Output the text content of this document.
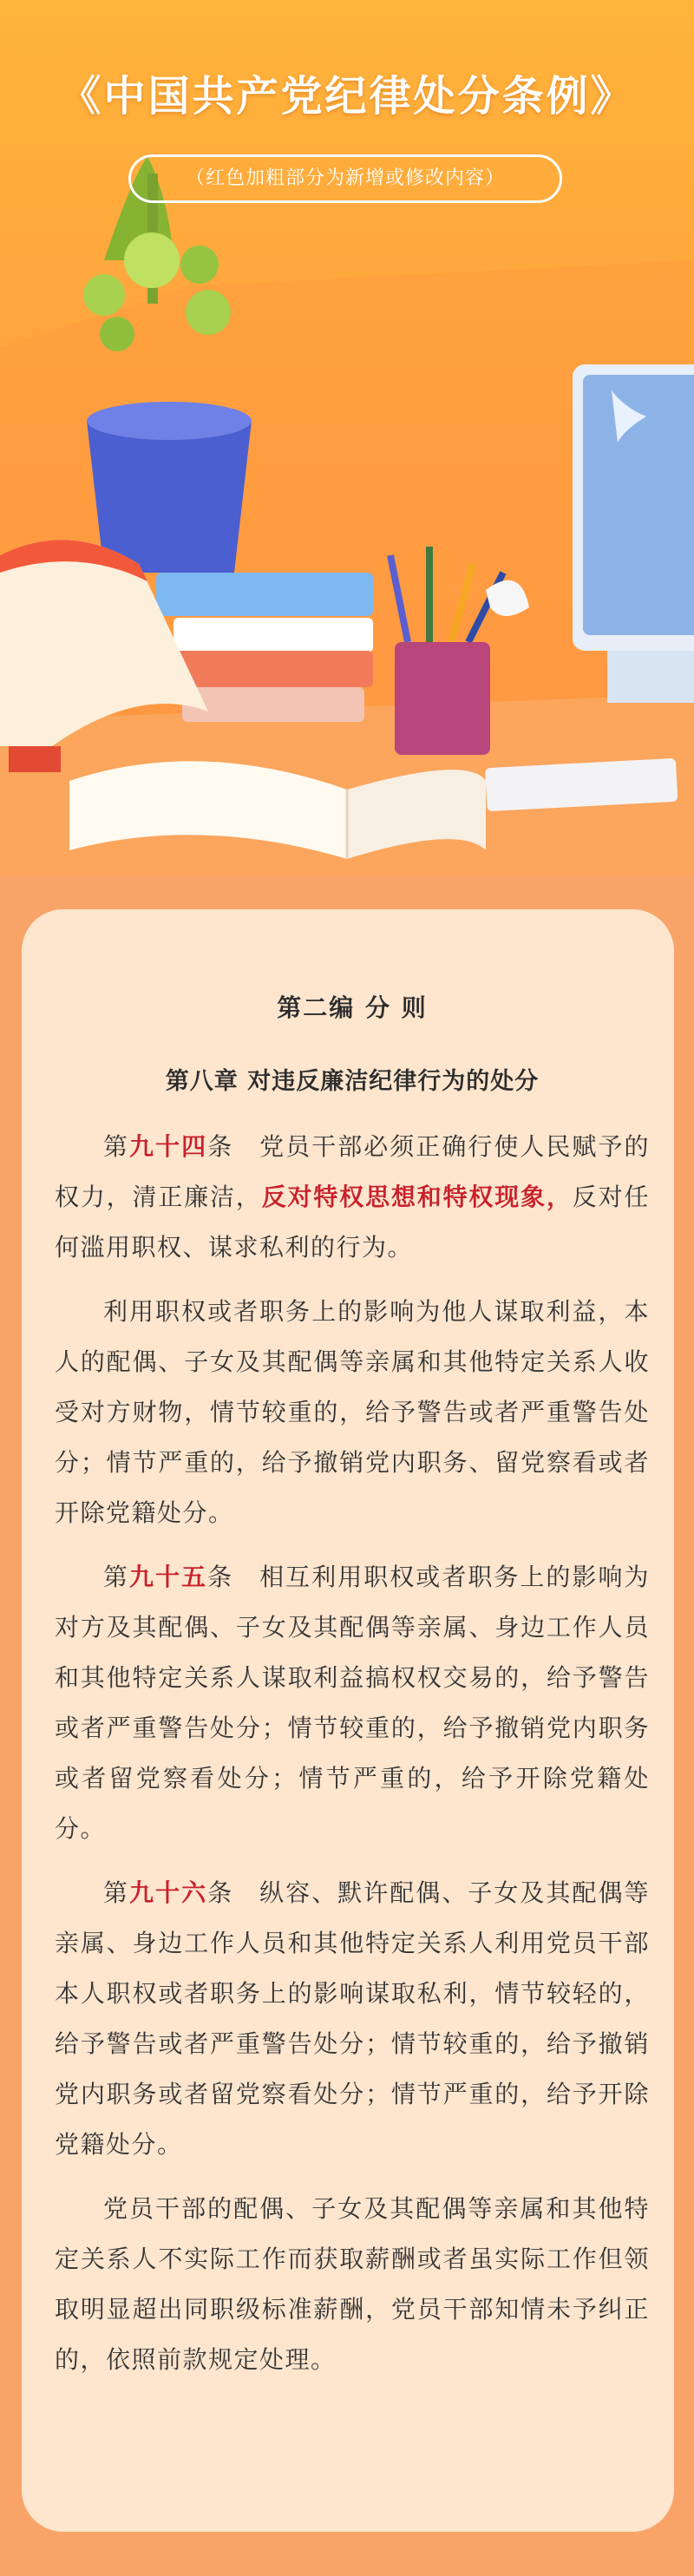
《中国共产党纪律处分条例》
（红色加粗部分为新增或修改内容）
第二编 分 则
第八章 对违反廉洁纪律行为的处分

第九十四条　党员干部必须正确行使人民赋予的权力，清正廉洁，反对特权思想和特权现象，反对任何滥用职权、谋求私利的行为。

利用职权或者职务上的影响为他人谋取利益，本人的配偶、子女及其配偶等亲属和其他特定关系人收受对方财物，情节较重的，给予警告或者严重警告处分；情节严重的，给予撤销党内职务、留党察看或者开除党籍处分。

第九十五条　相互利用职权或者职务上的影响为对方及其配偶、子女及其配偶等亲属、身边工作人员和其他特定关系人谋取利益搞权权交易的，给予警告或者严重警告处分；情节较重的，给予撤销党内职务或者留党察看处分；情节严重的，给予开除党籍处分。

第九十六条　纵容、默许配偶、子女及其配偶等亲属、身边工作人员和其他特定关系人利用党员干部本人职权或者职务上的影响谋取私利，情节较轻的，给予警告或者严重警告处分；情节较重的，给予撤销党内职务或者留党察看处分；情节严重的，给予开除党籍处分。

党员干部的配偶、子女及其配偶等亲属和其他特定关系人不实际工作而获取薪酬或者虽实际工作但领取明显超出同职级标准薪酬，党员干部知情未予纠正的，依照前款规定处理。
